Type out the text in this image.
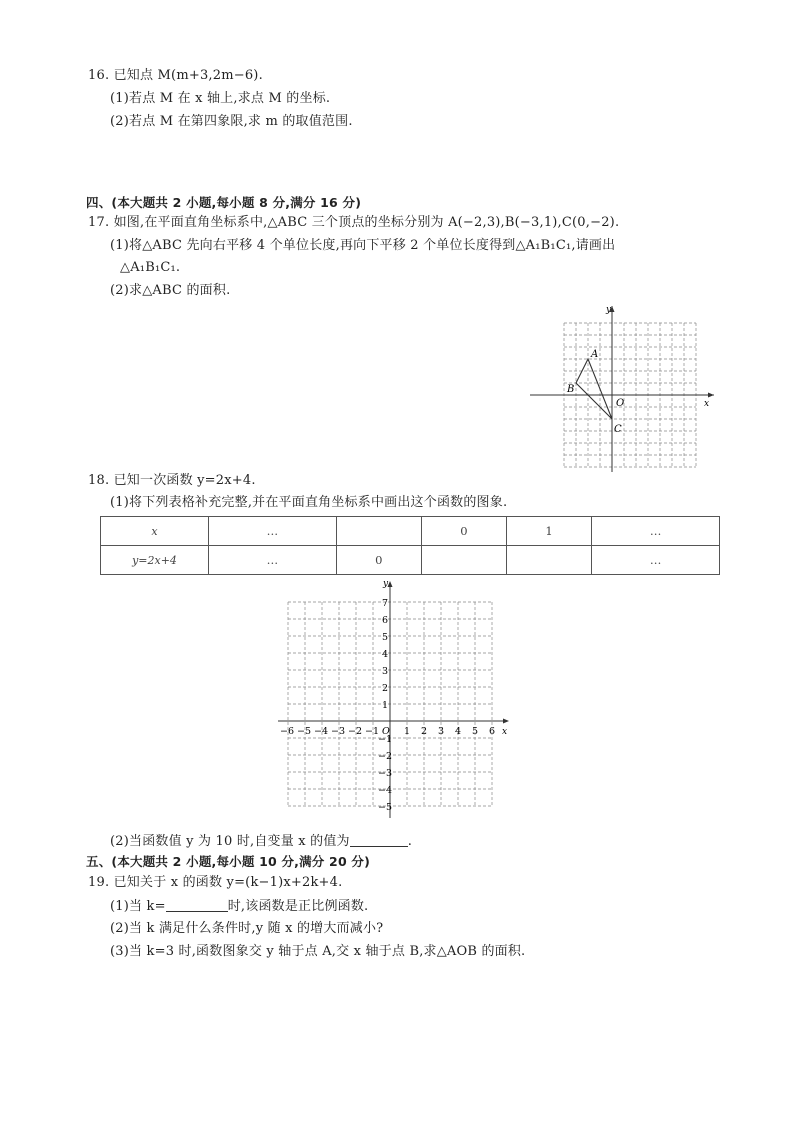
16. 已知点 M(m+3,2m−6).
(1)若点 M 在 x 轴上,求点 M 的坐标.
(2)若点 M 在第四象限,求 m 的取值范围.
四、(本大题共 2 小题,每小题 8 分,满分 16 分)
17. 如图,在平面直角坐标系中,△ABC 三个顶点的坐标分别为 A(−2,3),B(−3,1),C(0,−2).
(1)将△ABC 先向右平移 4 个单位长度,再向下平移 2 个单位长度得到△A₁B₁C₁,请画出
△A₁B₁C₁.
(2)求△ABC 的面积.
x
y
O
A
B
C
18. 已知一次函数 y=2x+4.
(1)将下列表格补充完整,并在平面直角坐标系中画出这个函数的图象.
x	…		0	1	…
y=2x+4	…	0			…
−6 −5 −4 −3 −2 −1	1 2 3 4 5 6
7
6
5
4
3
2
1
−1
−2
−3
−4
−5
x
y
O
(2)当函数值 y 为 10 时,自变量 x 的值为	.
五、(本大题共 2 小题,每小题 10 分,满分 20 分)
19. 已知关于 x 的函数 y=(k−1)x+2k+4.
(1)当 k=	时,该函数是正比例函数.
(2)当 k 满足什么条件时,y 随 x 的增大而减小?
(3)当 k=3 时,函数图象交 y 轴于点 A,交 x 轴于点 B,求△AOB 的面积.
